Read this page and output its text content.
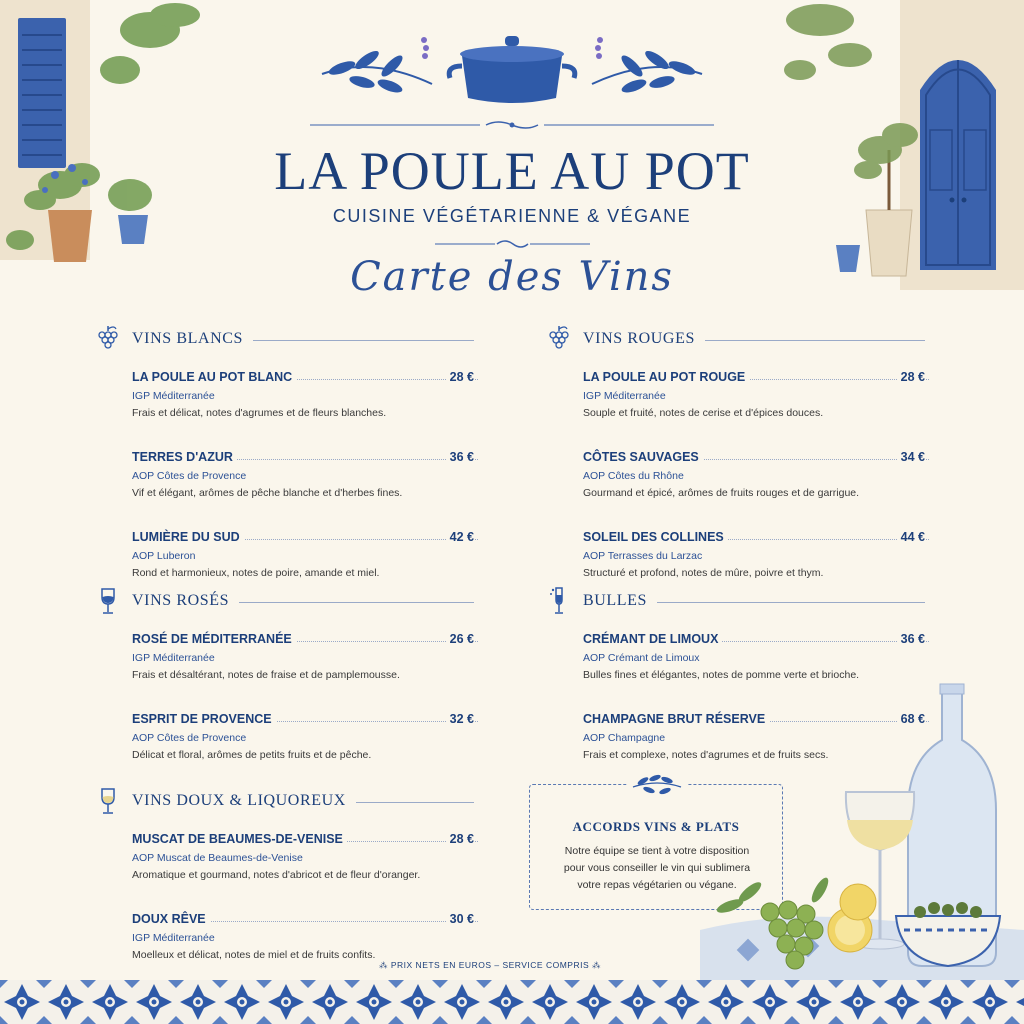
LA POULE AU POT
CUISINE VÉGÉTARIENNE & VÉGANE
Carte des Vins
VINS BLANCS
LA POULE AU POT BLANC	28 €
IGP Méditerranée
Frais et délicat, notes d'agrumes et de fleurs blanches.
TERRES D'AZUR	36 €
AOP Côtes de Provence
Vif et élégant, arômes de pêche blanche et d'herbes fines.
LUMIÈRE DU SUD	42 €
AOP Luberon
Rond et harmonieux, notes de poire, amande et miel.
VINS ROUGES
LA POULE AU POT ROUGE	28 €
IGP Méditerranée
Souple et fruité, notes de cerise et d'épices douces.
CÔTES SAUVAGES	34 €
AOP Côtes du Rhône
Gourmand et épicé, arômes de fruits rouges et de garrigue.
SOLEIL DES COLLINES	44 €
AOP Terrasses du Larzac
Structuré et profond, notes de mûre, poivre et thym.
VINS ROSÉS
ROSÉ DE MÉDITERRANÉE	26 €
IGP Méditerranée
Frais et désaltérant, notes de fraise et de pamplemousse.
ESPRIT DE PROVENCE	32 €
AOP Côtes de Provence
Délicat et floral, arômes de petits fruits et de pêche.
BULLES
CRÉMANT DE LIMOUX	36 €
AOP Crémant de Limoux
Bulles fines et élégantes, notes de pomme verte et brioche.
CHAMPAGNE BRUT RÉSERVE	68 €
AOP Champagne
Frais et complexe, notes d'agrumes et de fruits secs.
VINS DOUX & LIQUOREUX
MUSCAT DE BEAUMES-DE-VENISE	28 €
AOP Muscat de Beaumes-de-Venise
Aromatique et gourmand, notes d'abricot et de fleur d'oranger.
DOUX RÊVE	30 €
IGP Méditerranée
Moelleux et délicat, notes de miel et de fruits confits.
ACCORDS VINS & PLATS
Notre équipe se tient à votre disposition
pour vous conseiller le vin qui sublimera
votre repas végétarien ou végane.
⁂ PRIX NETS EN EUROS – SERVICE COMPRIS ⁂
